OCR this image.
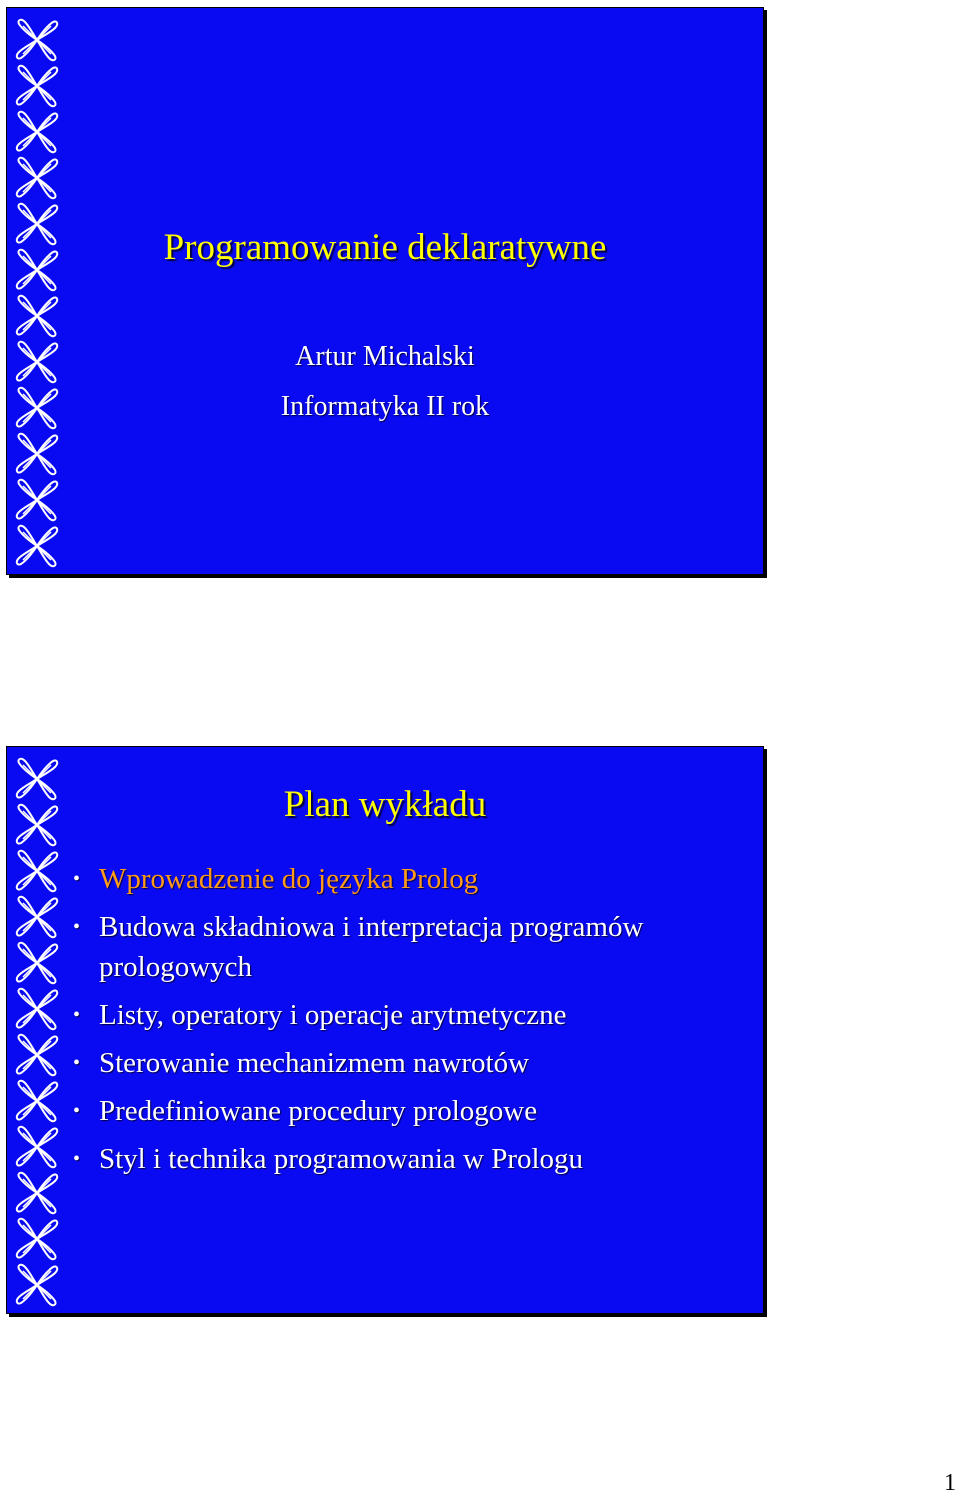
Programowanie deklaratywne
Artur Michalski
Informatyka II rok
Plan wykładu
• Wprowadzenie do języka Prolog
• Budowa składniowa i interpretacja programów prologowych
• Listy, operatory i operacje arytmetyczne
• Sterowanie mechanizmem nawrotów
• Predefiniowane procedury prologowe
• Styl i technika programowania w Prologu
1
